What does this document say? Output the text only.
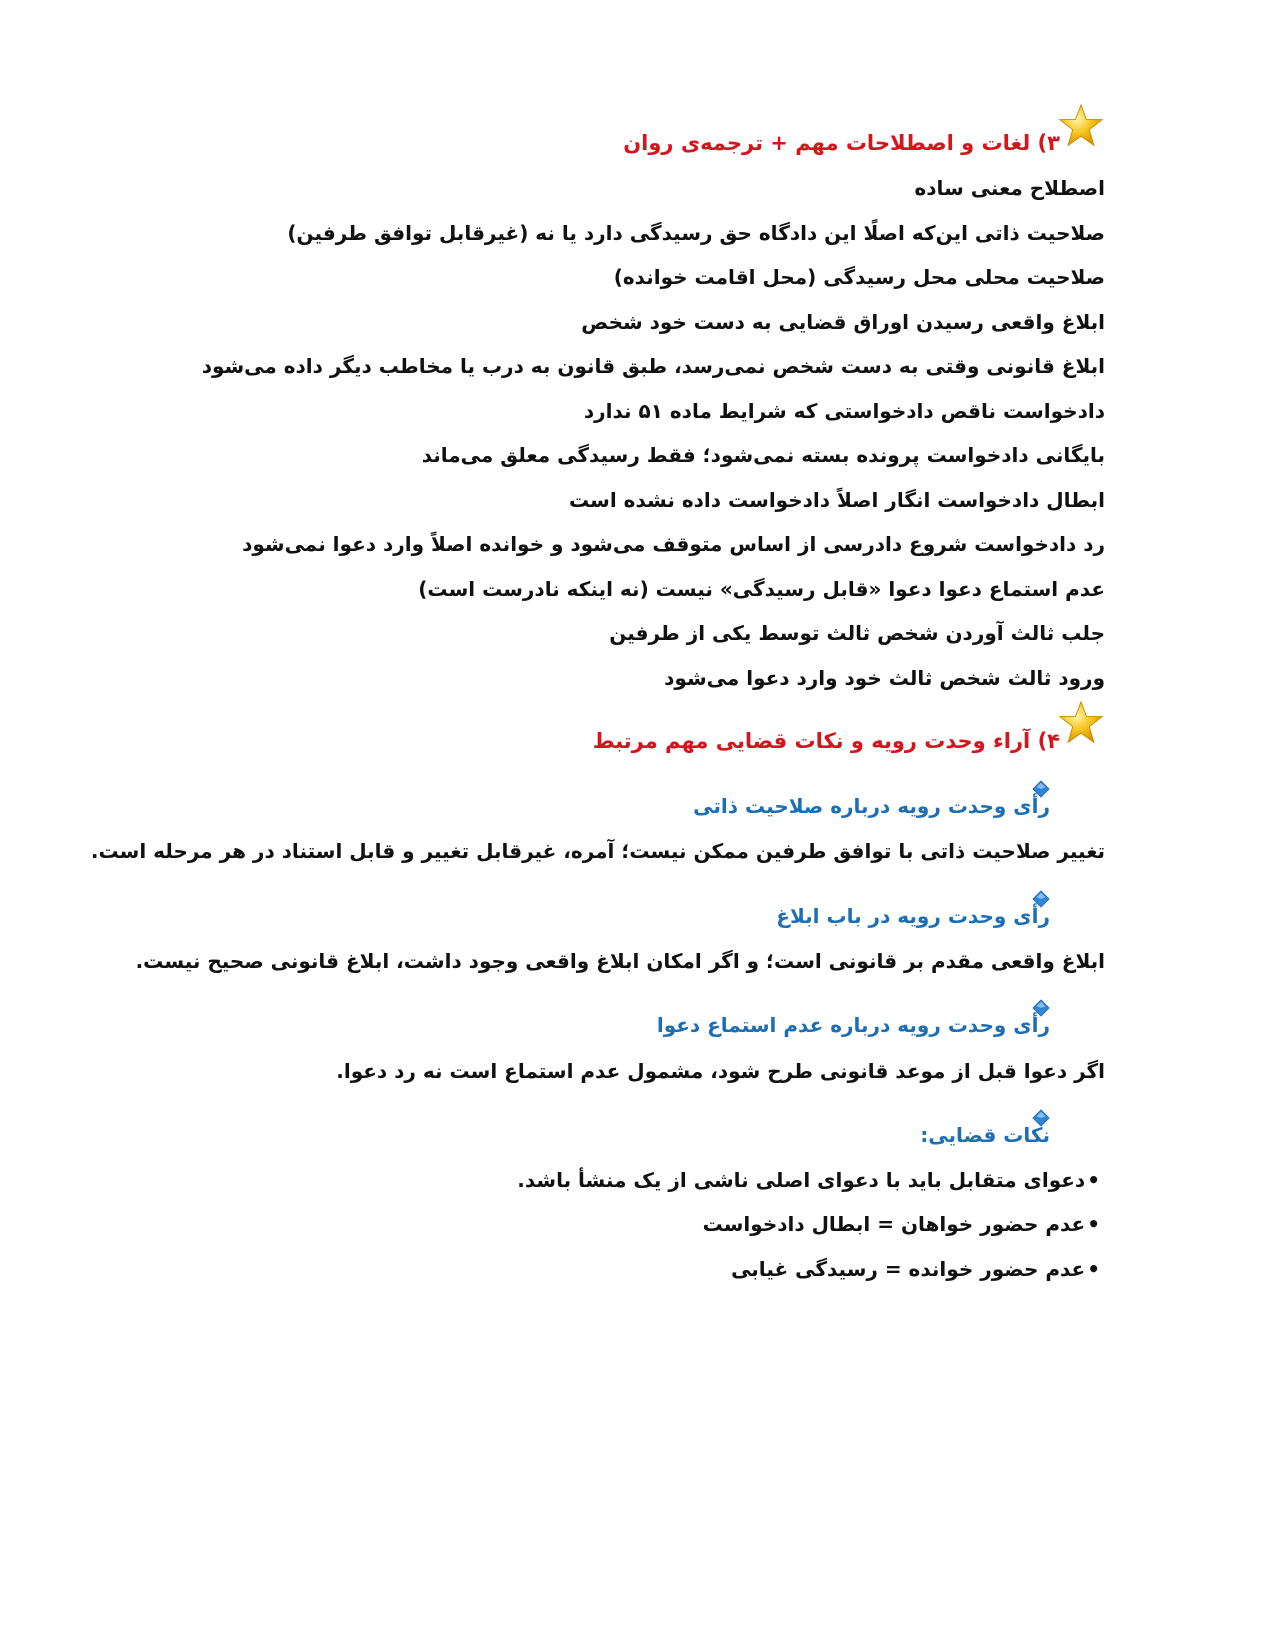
۳) لغات و اصطلاحات مهم + ترجمه‌ی روان
اصطلاح معنی ساده
صلاحیت ذاتی این‌که اصلًا این دادگاه حق رسیدگی دارد یا نه (غیرقابل توافق طرفین)
صلاحیت محلی محل رسیدگی (محل اقامت خوانده)
ابلاغ واقعی رسیدن اوراق قضایی به دست خود شخص
ابلاغ قانونی وقتی به دست شخص نمی‌رسد، طبق قانون به درب یا مخاطب دیگر داده می‌شود
دادخواست ناقص دادخواستی که شرایط ماده ۵۱ ندارد
بایگانی دادخواست پرونده بسته نمی‌شود؛ فقط رسیدگی معلق می‌ماند
ابطال دادخواست انگار اصلاً دادخواست داده نشده است
رد دادخواست شروع دادرسی از اساس متوقف می‌شود و خوانده اصلاً وارد دعوا نمی‌شود
عدم استماع دعوا دعوا «قابل رسیدگی» نیست (نه اینکه نادرست است)
جلب ثالث آوردن شخص ثالث توسط یکی از طرفین
ورود ثالث شخص ثالث خود وارد دعوا می‌شود
۴) آراء وحدت رویه و نکات قضایی مهم مرتبط
رأی وحدت رویه درباره صلاحیت ذاتی
تغییر صلاحیت ذاتی با توافق طرفین ممکن نیست؛ آمره، غیرقابل تغییر و قابل استناد در هر مرحله است.
رأی وحدت رویه در باب ابلاغ
ابلاغ واقعی مقدم بر قانونی است؛ و اگر امکان ابلاغ واقعی وجود داشت، ابلاغ قانونی صحیح نیست.
رأی وحدت رویه درباره عدم استماع دعوا
اگر دعوا قبل از موعد قانونی طرح شود، مشمول عدم استماع است نه رد دعوا.
نکات قضایی:
•دعوای متقابل باید با دعوای اصلی ناشی از یک منشأ باشد.
•عدم حضور خواهان = ابطال دادخواست
•عدم حضور خوانده = رسیدگی غیابی
